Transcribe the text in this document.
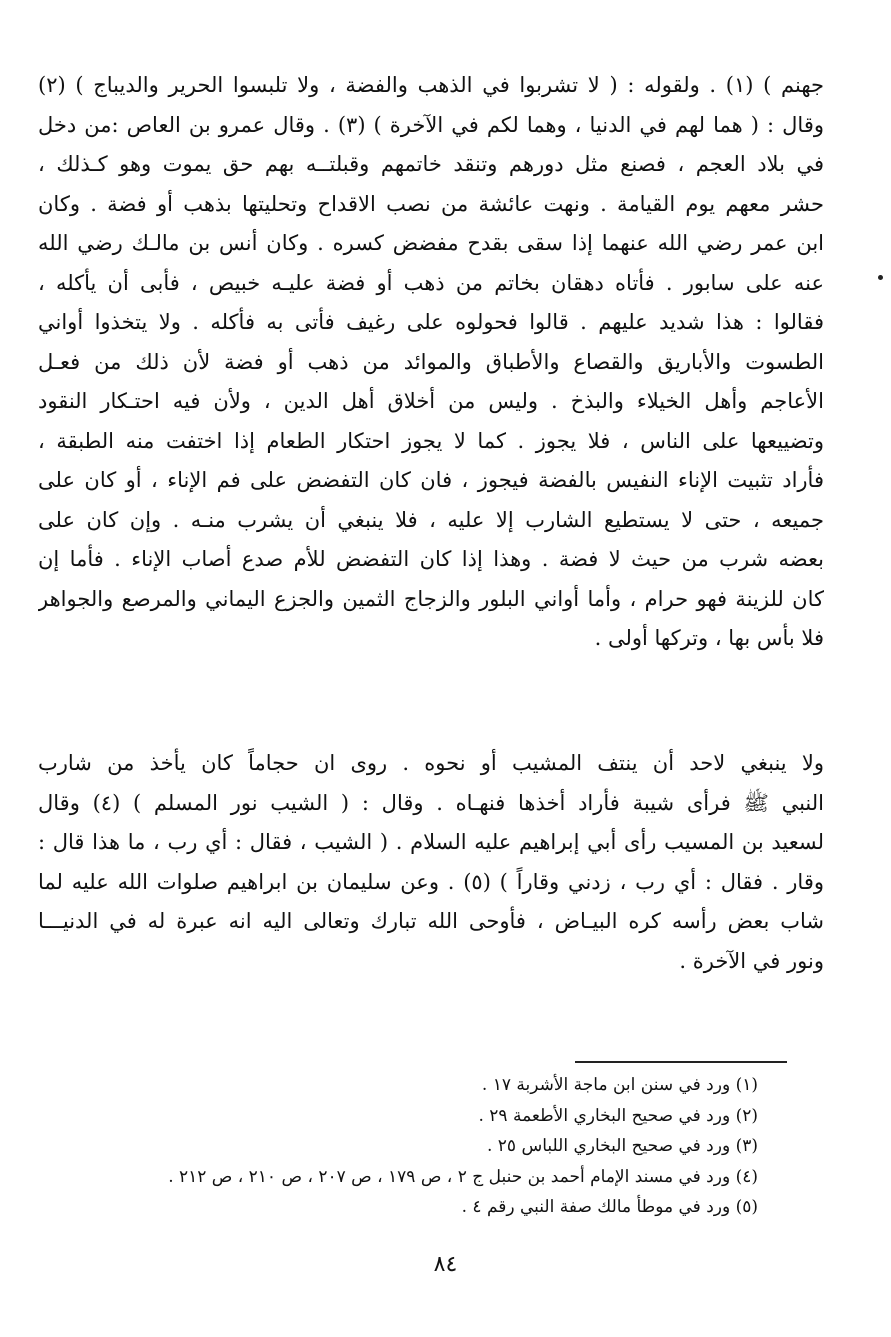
جهنم ) (١) . ولقوله : ( لا تشربوا في الذهب والفضة ، ولا تلبسوا الحرير والديباج ) (٢)
وقال : ( هما لهم في الدنيا ، وهما لكم في الآخرة ) (٣) . وقال عمرو بن العاص :من دخل
في بلاد العجم ، فصنع مثل دورهم وتنقد خاتمهم وقبلتــه بهم حق يموت وهو كـذلك ،
حشر معهم يوم القيامة . ونهت عائشة من نصب الاقداح وتحليتها بذهب أو فضة . وكان
ابن عمر رضي الله عنهما إذا سقى بقدح مفضض كسره . وكان أنس بن مالـك رضي الله
عنه على سابور . فأتاه دهقان بخاتم من ذهب أو فضة عليـه خبيص ، فأبى أن يأكله ،
فقالوا : هذا شديد عليهم . قالوا فحولوه على رغيف فأتى به فأكله . ولا يتخذوا أواني
الطسوت والأباريق والقصاع والأطباق والموائد من ذهب أو فضة لأن ذلك من فعـل
الأعاجم وأهل الخيلاء والبذخ . وليس من أخلاق أهل الدين ، ولأن فيه احتـكار النقود
وتضييعها على الناس ، فلا يجوز . كما لا يجوز احتكار الطعام إذا اختفت منه الطبقة ،
فأراد تثبيت الإناء النفيس بالفضة فيجوز ، فان كان التفضض على فم الإناء ، أو كان على
جميعه ، حتى لا يستطيع الشارب إلا عليه ، فلا ينبغي أن يشرب منـه . وإن كان على
بعضه شرب من حيث لا فضة . وهذا إذا كان التفضض للأم صدع أصاب الإناء . فأما إن
كان للزينة فهو حرام ، وأما أواني البلور والزجاج الثمين والجزع اليماني والمرصع والجواهر
فلا بأس بها ، وتركها أولى .
ولا ينبغي لاحد أن ينتف المشيب أو نحوه . روى ان حجاماً كان يأخذ من شارب
النبي ﷺ فرأى شيبة فأراد أخذها فنهـاه . وقال : ( الشيب نور المسلم ) (٤) وقال
لسعيد بن المسيب رأى أبي إبراهيم عليه السلام . ( الشيب ، فقال : أي رب ، ما هذا قال :
وقار . فقال : أي رب ، زدني وقاراً ) (٥) . وعن سليمان بن ابراهيم صلوات الله عليه لما
شاب بعض رأسه كره البيـاض ، فأوحى الله تبارك وتعالى اليه انه عبرة له في الدنيـــا
ونور في الآخرة .
(١) ورد في سنن ابن ماجة الأشربة ١٧ .
(٢) ورد في صحيح البخاري الأطعمة ٢٩ .
(٣) ورد في صحيح البخاري اللباس ٢٥ .
(٤) ورد في مسند الإمام أحمد بن حنبل ج ٢ ، ص ١٧٩ ، ص ٢٠٧ ، ص ٢١٠ ، ص ٢١٢ .
(٥) ورد في موطأ مالك صفة النبي رقم ٤ .
٨٤
